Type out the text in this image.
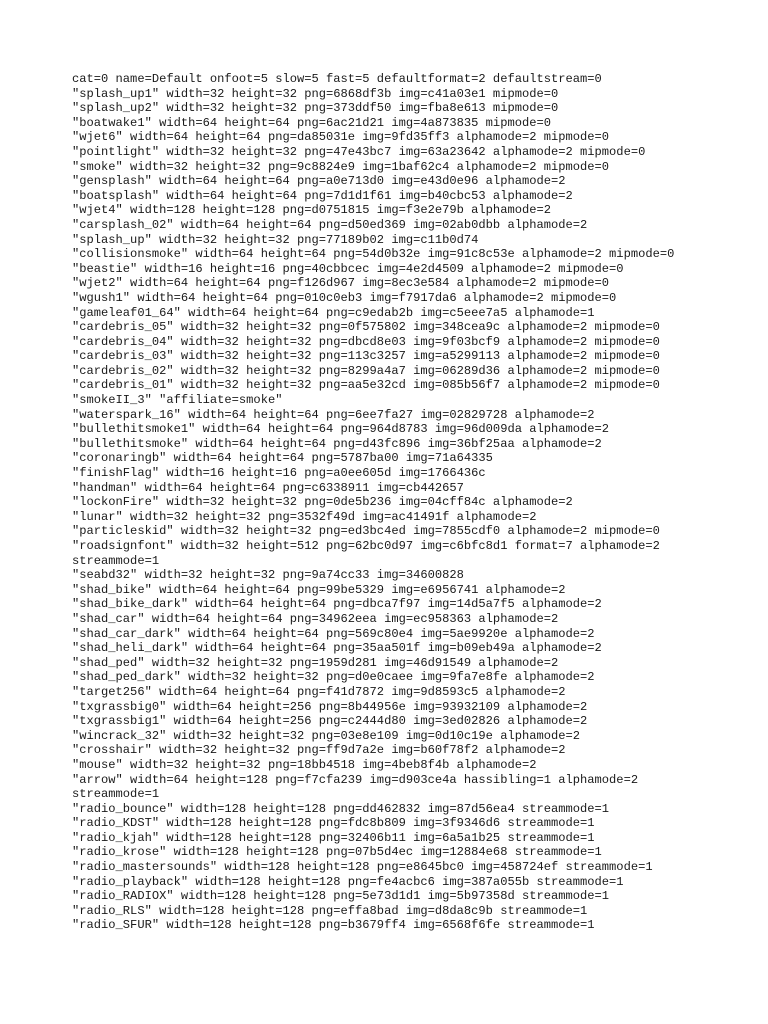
cat=0 name=Default onfoot=5 slow=5 fast=5 defaultformat=2 defaultstream=0
"splash_up1" width=32 height=32 png=6868df3b img=c41a03e1 mipmode=0
"splash_up2" width=32 height=32 png=373ddf50 img=fba8e613 mipmode=0
"boatwake1" width=64 height=64 png=6ac21d21 img=4a873835 mipmode=0
"wjet6" width=64 height=64 png=da85031e img=9fd35ff3 alphamode=2 mipmode=0
"pointlight" width=32 height=32 png=47e43bc7 img=63a23642 alphamode=2 mipmode=0
"smoke" width=32 height=32 png=9c8824e9 img=1baf62c4 alphamode=2 mipmode=0
"gensplash" width=64 height=64 png=a0e713d0 img=e43d0e96 alphamode=2
"boatsplash" width=64 height=64 png=7d1d1f61 img=b40cbc53 alphamode=2
"wjet4" width=128 height=128 png=d0751815 img=f3e2e79b alphamode=2
"carsplash_02" width=64 height=64 png=d50ed369 img=02ab0dbb alphamode=2
"splash_up" width=32 height=32 png=77189b02 img=c11b0d74
"collisionsmoke" width=64 height=64 png=54d0b32e img=91c8c53e alphamode=2 mipmode=0
"beastie" width=16 height=16 png=40cbbcec img=4e2d4509 alphamode=2 mipmode=0
"wjet2" width=64 height=64 png=f126d967 img=8ec3e584 alphamode=2 mipmode=0
"wgush1" width=64 height=64 png=010c0eb3 img=f7917da6 alphamode=2 mipmode=0
"gameleaf01_64" width=64 height=64 png=c9edab2b img=c5eee7a5 alphamode=1
"cardebris_05" width=32 height=32 png=0f575802 img=348cea9c alphamode=2 mipmode=0
"cardebris_04" width=32 height=32 png=dbcd8e03 img=9f03bcf9 alphamode=2 mipmode=0
"cardebris_03" width=32 height=32 png=113c3257 img=a5299113 alphamode=2 mipmode=0
"cardebris_02" width=32 height=32 png=8299a4a7 img=06289d36 alphamode=2 mipmode=0
"cardebris_01" width=32 height=32 png=aa5e32cd img=085b56f7 alphamode=2 mipmode=0
"smokeII_3" "affiliate=smoke"
"waterspark_16" width=64 height=64 png=6ee7fa27 img=02829728 alphamode=2
"bullethitsmoke1" width=64 height=64 png=964d8783 img=96d009da alphamode=2
"bullethitsmoke" width=64 height=64 png=d43fc896 img=36bf25aa alphamode=2
"coronaringb" width=64 height=64 png=5787ba00 img=71a64335
"finishFlag" width=16 height=16 png=a0ee605d img=1766436c
"handman" width=64 height=64 png=c6338911 img=cb442657
"lockonFire" width=32 height=32 png=0de5b236 img=04cff84c alphamode=2
"lunar" width=32 height=32 png=3532f49d img=ac41491f alphamode=2
"particleskid" width=32 height=32 png=ed3bc4ed img=7855cdf0 alphamode=2 mipmode=0
"roadsignfont" width=32 height=512 png=62bc0d97 img=c6bfc8d1 format=7 alphamode=2
streammode=1
"seabd32" width=32 height=32 png=9a74cc33 img=34600828
"shad_bike" width=64 height=64 png=99be5329 img=e6956741 alphamode=2
"shad_bike_dark" width=64 height=64 png=dbca7f97 img=14d5a7f5 alphamode=2
"shad_car" width=64 height=64 png=34962eea img=ec958363 alphamode=2
"shad_car_dark" width=64 height=64 png=569c80e4 img=5ae9920e alphamode=2
"shad_heli_dark" width=64 height=64 png=35aa501f img=b09eb49a alphamode=2
"shad_ped" width=32 height=32 png=1959d281 img=46d91549 alphamode=2
"shad_ped_dark" width=32 height=32 png=d0e0caee img=9fa7e8fe alphamode=2
"target256" width=64 height=64 png=f41d7872 img=9d8593c5 alphamode=2
"txgrassbig0" width=64 height=256 png=8b44956e img=93932109 alphamode=2
"txgrassbig1" width=64 height=256 png=c2444d80 img=3ed02826 alphamode=2
"wincrack_32" width=32 height=32 png=03e8e109 img=0d10c19e alphamode=2
"crosshair" width=32 height=32 png=ff9d7a2e img=b60f78f2 alphamode=2
"mouse" width=32 height=32 png=18bb4518 img=4beb8f4b alphamode=2
"arrow" width=64 height=128 png=f7cfa239 img=d903ce4a hassibling=1 alphamode=2
streammode=1
"radio_bounce" width=128 height=128 png=dd462832 img=87d56ea4 streammode=1
"radio_KDST" width=128 height=128 png=fdc8b809 img=3f9346d6 streammode=1
"radio_kjah" width=128 height=128 png=32406b11 img=6a5a1b25 streammode=1
"radio_krose" width=128 height=128 png=07b5d4ec img=12884e68 streammode=1
"radio_mastersounds" width=128 height=128 png=e8645bc0 img=458724ef streammode=1
"radio_playback" width=128 height=128 png=fe4acbc6 img=387a055b streammode=1
"radio_RADIOX" width=128 height=128 png=5e73d1d1 img=5b97358d streammode=1
"radio_RLS" width=128 height=128 png=effa8bad img=d8da8c9b streammode=1
"radio_SFUR" width=128 height=128 png=b3679ff4 img=6568f6fe streammode=1
